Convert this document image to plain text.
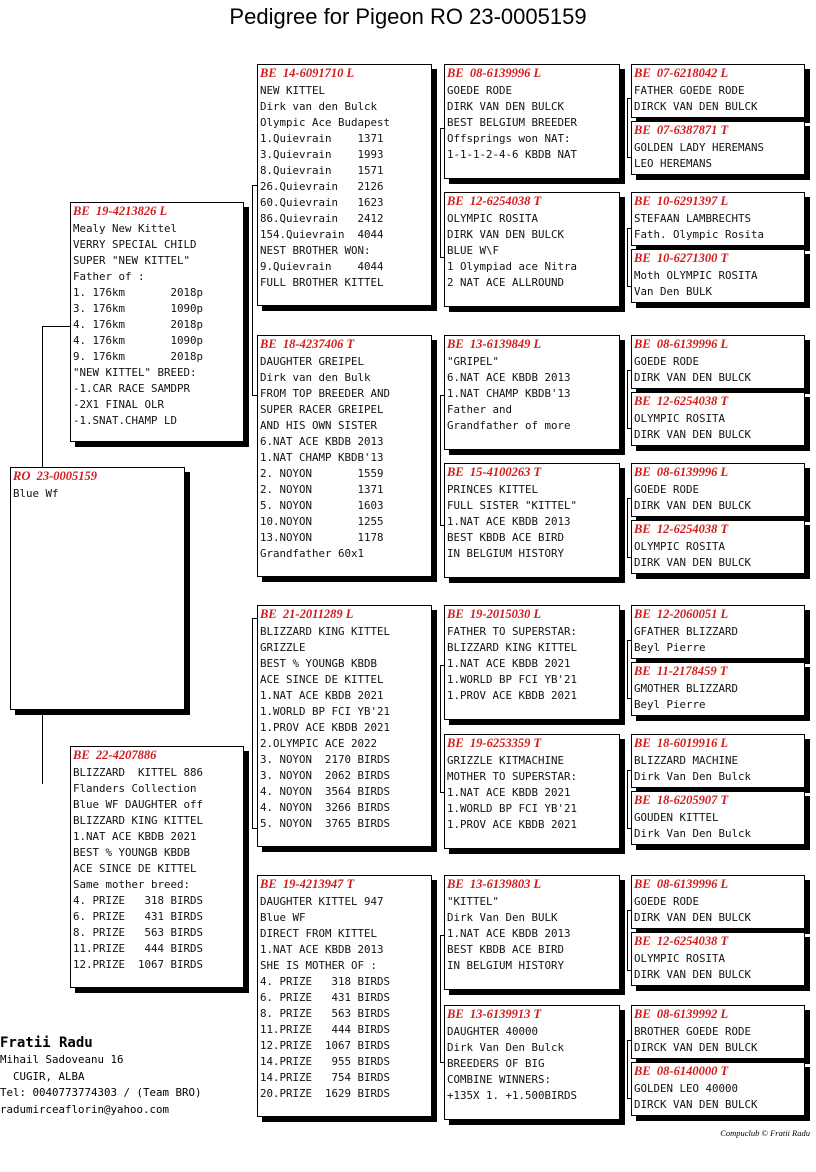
Pedigree for Pigeon RO 23-0005159
RO  23-0005159
Blue Wf
BE  19-4213826 L
Mealy New Kittel
VERRY SPECIAL CHILD
SUPER "NEW KITTEL"
Father of :
1. 176km       2018p
3. 176km       1090p
4. 176km       2018p
4. 176km       1090p
9. 176km       2018p
"NEW KITTEL" BREED:
-1.CAR RACE SAMDPR
-2X1 FINAL OLR
-1.SNAT.CHAMP LD
BE  22-4207886
BLIZZARD  KITTEL 886
Flanders Collection
Blue WF DAUGHTER off
BLIZZARD KING KITTEL
1.NAT ACE KBDB 2021
BEST % YOUNGB KBDB
ACE SINCE DE KITTEL
Same mother breed:
4. PRIZE   318 BIRDS
6. PRIZE   431 BIRDS
8. PRIZE   563 BIRDS
11.PRIZE   444 BIRDS
12.PRIZE  1067 BIRDS
BE  14-6091710 L
NEW KITTEL
Dirk van den Bulck
Olympic Ace Budapest
1.Quievrain    1371
3.Quievrain    1993
8.Quievrain    1571
26.Quievrain   2126
60.Quievrain   1623
86.Quievrain   2412
154.Quievrain  4044
NEST BROTHER WON:
9.Quievrain    4044
FULL BROTHER KITTEL
BE  18-4237406 T
DAUGHTER GREIPEL
Dirk van den Bulk
FROM TOP BREEDER AND
SUPER RACER GREIPEL
AND HIS OWN SISTER
6.NAT ACE KBDB 2013
1.NAT CHAMP KBDB'13
2. NOYON       1559
2. NOYON       1371
5. NOYON       1603
10.NOYON       1255
13.NOYON       1178
Grandfather 60x1
BE  21-2011289 L
BLIZZARD KING KITTEL
GRIZZLE
BEST % YOUNGB KBDB
ACE SINCE DE KITTEL
1.NAT ACE KBDB 2021
1.WORLD BP FCI YB'21
1.PROV ACE KBDB 2021
2.OLYMPIC ACE 2022
3. NOYON  2170 BIRDS
3. NOYON  2062 BIRDS
4. NOYON  3564 BIRDS
4. NOYON  3266 BIRDS
5. NOYON  3765 BIRDS
BE  19-4213947 T
DAUGHTER KITTEL 947
Blue WF
DIRECT FROM KITTEL
1.NAT ACE KBDB 2013
SHE IS MOTHER OF :
4. PRIZE   318 BIRDS
6. PRIZE   431 BIRDS
8. PRIZE   563 BIRDS
11.PRIZE   444 BIRDS
12.PRIZE  1067 BIRDS
14.PRIZE   955 BIRDS
14.PRIZE   754 BIRDS
20.PRIZE  1629 BIRDS
BE  08-6139996 L
GOEDE RODE
DIRK VAN DEN BULCK
BEST BELGIUM BREEDER
Offsprings won NAT:
1-1-1-2-4-6 KBDB NAT
BE  12-6254038 T
OLYMPIC ROSITA
DIRK VAN DEN BULCK
BLUE W\F
1 Olympiad ace Nitra
2 NAT ACE ALLROUND
BE  13-6139849 L
"GRIPEL"
6.NAT ACE KBDB 2013
1.NAT CHAMP KBDB'13
Father and
Grandfather of more
BE  15-4100263 T
PRINCES KITTEL
FULL SISTER "KITTEL"
1.NAT ACE KBDB 2013
BEST KBDB ACE BIRD
IN BELGIUM HISTORY
BE  19-2015030 L
FATHER TO SUPERSTAR:
BLIZZARD KING KITTEL
1.NAT ACE KBDB 2021
1.WORLD BP FCI YB'21
1.PROV ACE KBDB 2021
BE  19-6253359 T
GRIZZLE KITMACHINE
MOTHER TO SUPERSTAR:
1.NAT ACE KBDB 2021
1.WORLD BP FCI YB'21
1.PROV ACE KBDB 2021
BE  13-6139803 L
"KITTEL"
Dirk Van Den BULK
1.NAT ACE KBDB 2013
BEST KBDB ACE BIRD
IN BELGIUM HISTORY
BE  13-6139913 T
DAUGHTER 40000
Dirk Van Den Bulck
BREEDERS OF BIG
COMBINE WINNERS:
+135X 1. +1.500BIRDS
BE  07-6218042 L
FATHER GOEDE RODE
DIRCK VAN DEN BULCK
BE  07-6387871 T
GOLDEN LADY HEREMANS
LEO HEREMANS
BE  10-6291397 L
STEFAAN LAMBRECHTS
Fath. Olympic Rosita
BE  10-6271300 T
Moth OLYMPIC ROSITA
Van Den BULK
BE  08-6139996 L
GOEDE RODE
DIRK VAN DEN BULCK
BE  12-6254038 T
OLYMPIC ROSITA
DIRK VAN DEN BULCK
BE  08-6139996 L
GOEDE RODE
DIRK VAN DEN BULCK
BE  12-6254038 T
OLYMPIC ROSITA
DIRK VAN DEN BULCK
BE  12-2060051 L
GFATHER BLIZZARD
Beyl Pierre
BE  11-2178459 T
GMOTHER BLIZZARD
Beyl Pierre
BE  18-6019916 L
BLIZZARD MACHINE
Dirk Van Den Bulck
BE  18-6205907 T
GOUDEN KITTEL
Dirk Van Den Bulck
BE  08-6139996 L
GOEDE RODE
DIRK VAN DEN BULCK
BE  12-6254038 T
OLYMPIC ROSITA
DIRK VAN DEN BULCK
BE  08-6139992 L
BROTHER GOEDE RODE
DIRCK VAN DEN BULCK
BE  08-6140000 T
GOLDEN LEO 40000
DIRCK VAN DEN BULCK
Fratii Radu
Mihail Sadoveanu 16
CUGIR, ALBA
Tel: 0040773774303 / (Team BRO)
radumirceaflorin@yahoo.com
Compuclub © Fratii Radu
